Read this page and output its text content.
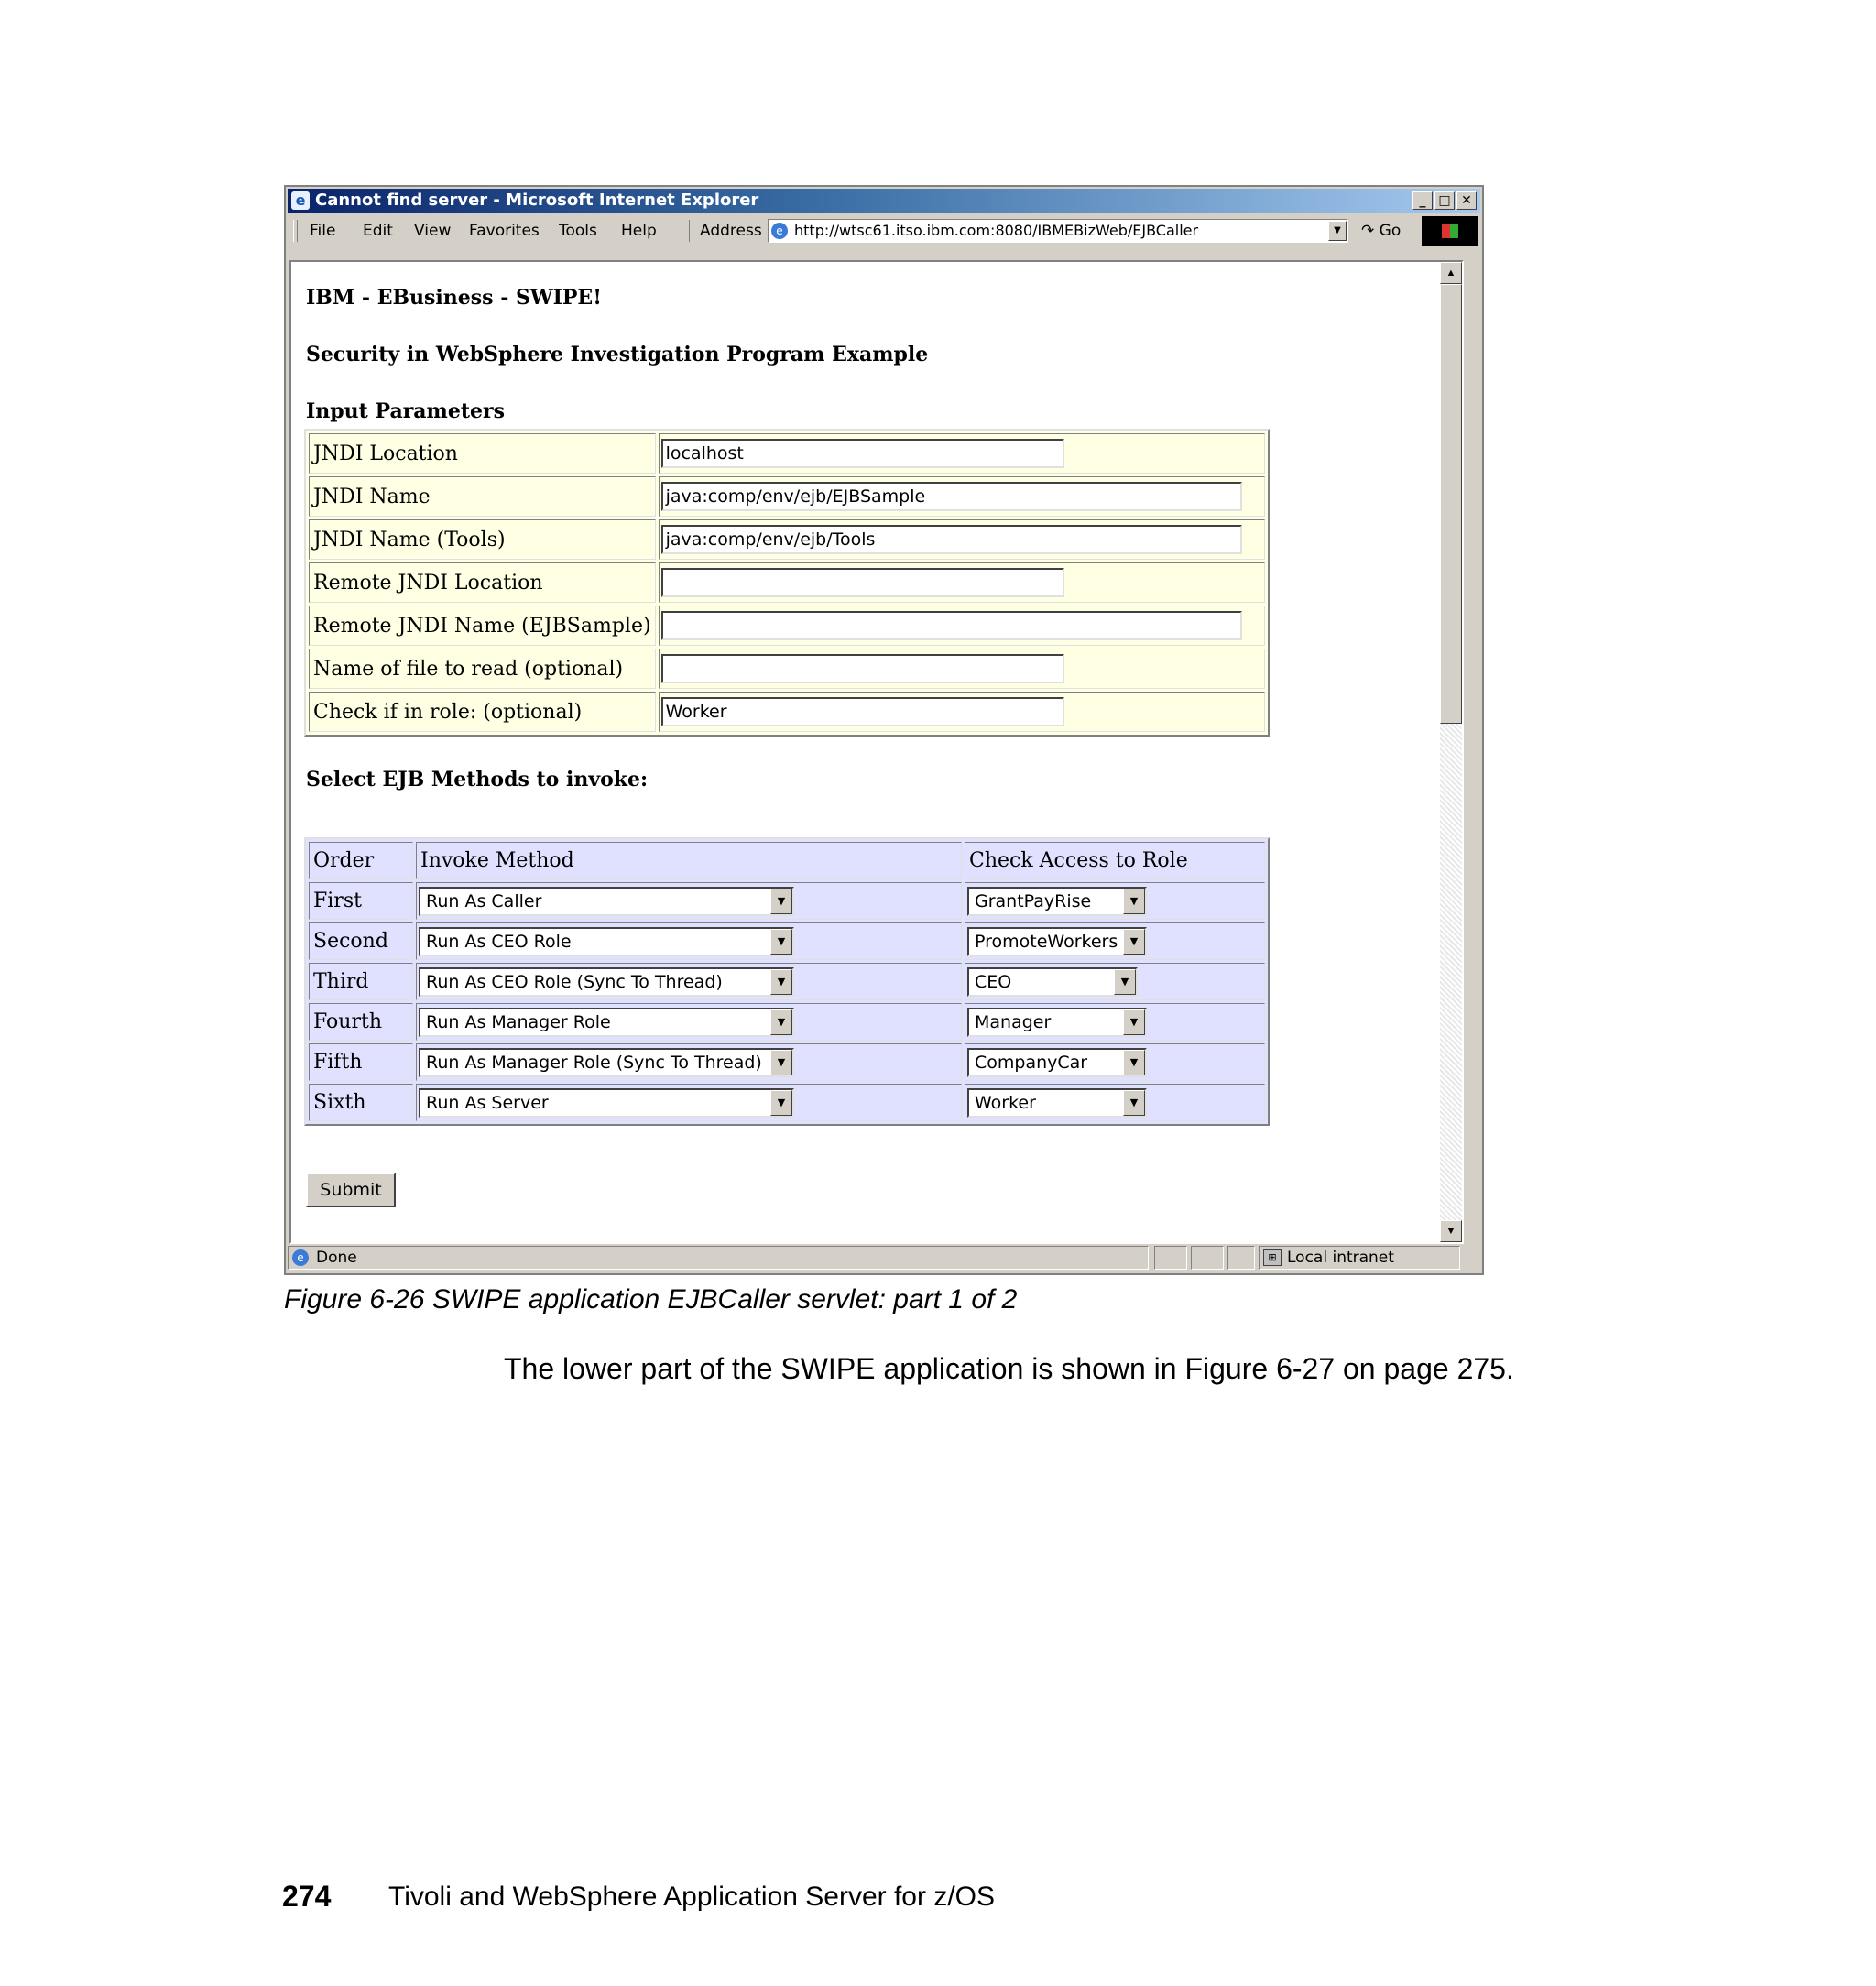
e Cannot find server - Microsoft Internet Explorer	_ □ ✕
File Edit View Favorites Tools Help	Address	e http://wtsc61.itso.ibm.com:8080/IBMEBizWeb/EJBCaller	▼	↷ Go
IBM - EBusiness - SWIPE!
Security in WebSphere Investigation Program Example
Input Parameters
JNDI Location	localhost

JNDI Name	java:comp/env/ejb/EJBSample

JNDI Name (Tools)	java:comp/env/ejb/Tools

Remote JNDI Location	

Remote JNDI Name (EJBSample)	

Name of file to read (optional)	

Check if in role: (optional)	Worker
Select EJB Methods to invoke:
Order	Invoke Method	Check Access to Role
First	Run As Caller ▼	GrantPayRise ▼

Second	Run As CEO Role ▼	PromoteWorkers ▼

Third	Run As CEO Role (Sync To Thread) ▼	CEO ▼

Fourth	Run As Manager Role ▼	Manager ▼

Fifth	Run As Manager Role (Sync To Thread) ▼	CompanyCar ▼

Sixth	Run As Server ▼	Worker ▼
Submit
▲
▼
e Done	⊞ Local intranet
Figure 6-26 SWIPE application EJBCaller servlet: part 1 of 2
The lower part of the SWIPE application is shown in Figure 6-27 on page 275.
274 Tivoli and WebSphere Application Server for z/OS
